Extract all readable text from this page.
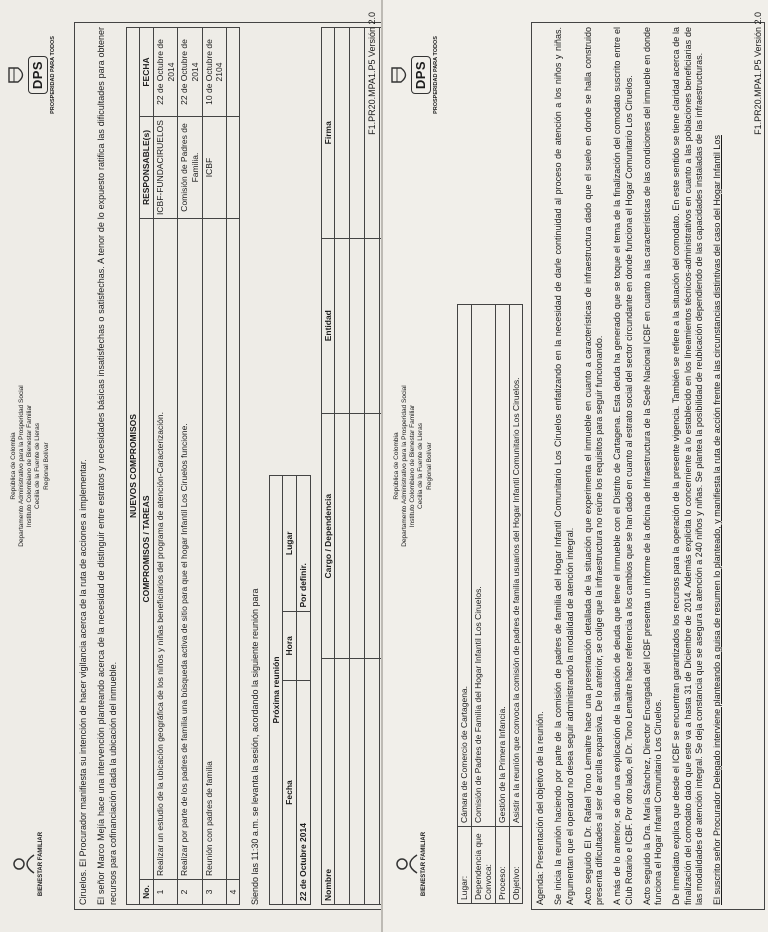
BIENESTAR FAMILIAR
República de Colombia Departamento Administrativo para la Prosperidad Social Instituto Colombiano de Bienestar Familiar Cecilia de la Fuente de Lleras Regional Bolívar
DPS PROSPERIDAD PARA TODOS

Ciruelos. El Procurador manifiesta su intención de hacer vigilancia acerca de la ruta de acciones a implementar. El señor Marco Mejía hace una intervención planteando acerca de la necesidad de distinguir entre estratos y necesidades básicas insatisfechas o satisfechas. A tenor de lo expuesto ratifica las dificultades para obtener recursos para cofinanciación dada la ubicación del inmueble.

NUEVOS COMPROMISOS			
No.	COMPROMISOS / TAREAS	RESPONSABLE(s)	FECHA
1	Realizar un estudio de la ubicación geográfica de los niños y niñas beneficiarios del programa de atención-Caracterización.	ICBF-FUNDACIRUELOS	22 de Octubre de 2014
2	Realizar por parte de los padres de familia una búsqueda activa de sitio para que el hogar Infantil Los Ciruelos funcione.	Comisión de Padres de Familia.	22 de Octubre de 2014
3	Reunión con padres de familia	ICBF	10 de Octubre de 2104
4			Siendo las 11:30 a.m. se levanta la sesión, acordando la siguiente reunión para Próxima reunión		
Fecha	Hora	Lugar
22 de Octubre 2014		Por definir.
Nombre	Cargo / Dependencia	Entidad	Firma

				F1.PR20.MPA1.P5 Versión 2.0
BIENESTAR FAMILIAR
República de Colombia Departamento Administrativo para la Prosperidad Social Instituto Colombiano de Bienestar Familiar Cecilia de la Fuente de Lleras Regional Bolívar
DPS PROSPERIDAD PARA TODOS
Lugar:	Cámara de Comercio de Cartagena.
Dependencia que Convoca:	Comisión de Padres de Familia del Hogar Infantil Los Ciruelos.
Proceso:	Gestión de la Primera Infancia.
Objetivo:	Asistir a la reunión que convoca la comisión de padres de familia usuarios del Hogar Infantil Comunitario Los Ciruelos. Agenda: Presentación del objetivo de la reunión. Se inicia la reunión haciendo por parte de la comisión de padres de familia del Hogar Infantil Comunitario Los Ciruelos enfatizando en la necesidad de darle continuidad al proceso de atención a los niños y niñas. Argumentan que el operador no desea seguir administrando la modalidad de atención integral. Acto seguido El Dr. Rafael Tono Lemaitre hace una presentación detallada de la situación que experimenta el inmueble en cuanto a características de infraestructura dado que el suelo en donde se halla construido presenta dificultades al ser de arcilla expansiva. De lo anterior, se colige que la infraestructura no reúne los requisitos para seguir funcionando. A más de lo anterior, se dio una explicación de la situación de deuda que tiene el inmueble con el Distrito de Cartagena. Esta deuda ha generado que se toque el tema de la finalización del comodato suscrito entre el Club Rotario e ICBF. Por otro lado, el Dr. Tono Lemaitre hace referencia a los cambios que se han dado en cuanto al estrato social del sector circundante en donde funciona el Hogar Comunitario Los Ciruelos. Acto seguido la Dra. María Sánchez, Director Encargada del ICBF presenta un informe de la oficina de Infraestructura de la Sede Nacional ICBF en cuanto a las características de las condiciones del inmueble en donde funciona el Hogar Infantil Comunitario Los Ciruelos. De inmediato explica que desde el ICBF se encuentran garantizados los recursos para la operación de la presente vigencia. También se refiere a la situación del comodato. En este sentido se tiene claridad acerca de la finalización del comodato dado que este va a hasta 31 de Diciembre de 2014. Además explicita lo concerniente a lo establecido en los lineamientos técnicos-administrativos en cuanto a las poblaciones beneficiarias de las modalidades de atención integral. Se deja constancia que se asegura la atención a 240 niños y niñas. Se plantea la posibilidad de reubicación dependiendo de las capacidades instaladas de las infraestructuras. El suscrito señor Procurador Delegado interviene planteando a guisa de resumen lo planteado, y manifiesta la ruta de acción frente a las circunstancias distintivas del caso del Hogar Infantil Los

F1.PR20.MPA1.P5 Versión 2.0
